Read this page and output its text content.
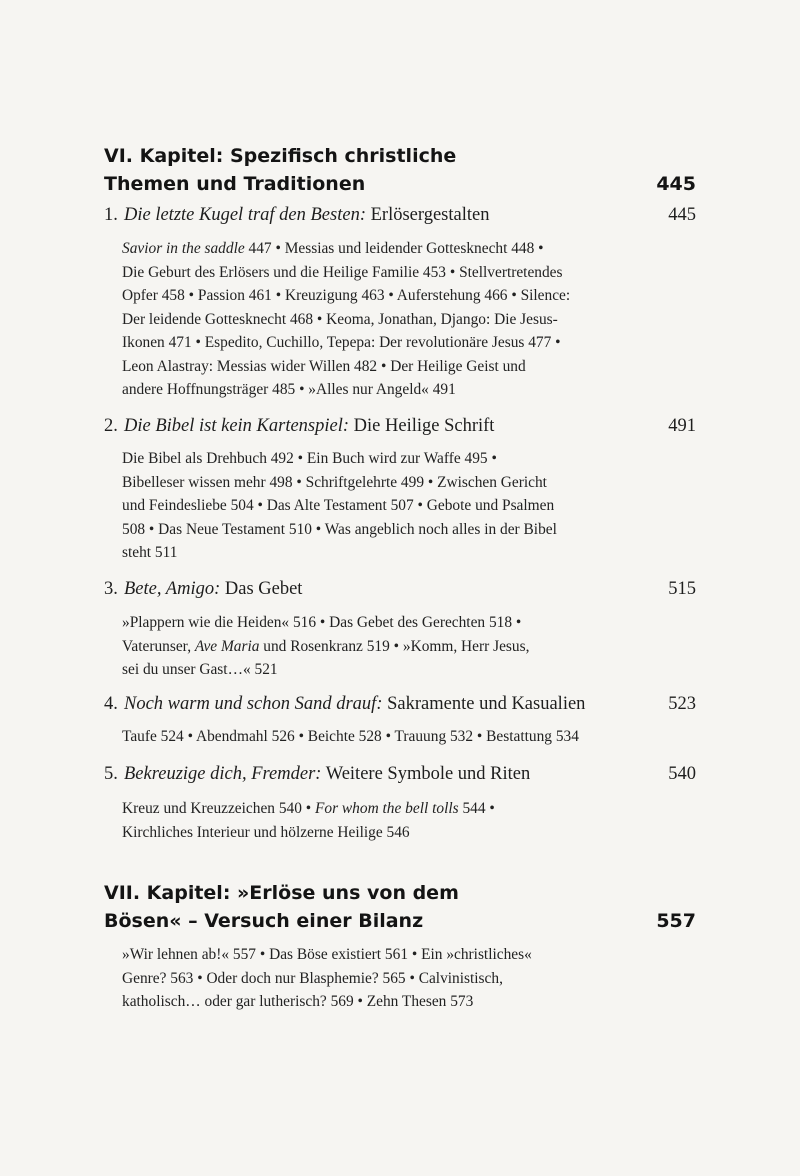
VI. Kapitel: Spezifisch christliche Themen und Traditionen	445
1. Die letzte Kugel traf den Besten: Erlösergestalten	445
Savior in the saddle 447 • Messias und leidender Gottesknecht 448 •
Die Geburt des Erlösers und die Heilige Familie 453 • Stellvertretendes
Opfer 458 • Passion 461 • Kreuzigung 463 • Auferstehung 466 • Silence:
Der leidende Gottesknecht 468 • Keoma, Jonathan, Django: Die Jesus-
Ikonen 471 • Espedito, Cuchillo, Tepepa: Der revolutionäre Jesus 477 •
Leon Alastray: Messias wider Willen 482 • Der Heilige Geist und
andere Hoffnungsträger 485 • »Alles nur Angeld« 491
2. Die Bibel ist kein Kartenspiel: Die Heilige Schrift	491
Die Bibel als Drehbuch 492 • Ein Buch wird zur Waffe 495 •
Bibelleser wissen mehr 498 • Schriftgelehrte 499 • Zwischen Gericht
und Feindesliebe 504 • Das Alte Testament 507 • Gebote und Psalmen
508 • Das Neue Testament 510 • Was angeblich noch alles in der Bibel
steht 511
3. Bete, Amigo: Das Gebet	515
»Plappern wie die Heiden« 516 • Das Gebet des Gerechten 518 •
Vaterunser, Ave Maria und Rosenkranz 519 • »Komm, Herr Jesus,
sei du unser Gast…« 521
4. Noch warm und schon Sand drauf: Sakramente und Kasualien	523
Taufe 524 • Abendmahl 526 • Beichte 528 • Trauung 532 • Bestattung 534
5. Bekreuzige dich, Fremder: Weitere Symbole und Riten	540
Kreuz und Kreuzzeichen 540 • For whom the bell tolls 544 •
Kirchliches Interieur und hölzerne Heilige 546
VII. Kapitel: »Erlöse uns von dem Bösen« – Versuch einer Bilanz	557
»Wir lehnen ab!« 557 • Das Böse existiert 561 • Ein »christliches«
Genre? 563 • Oder doch nur Blasphemie? 565 • Calvinistisch,
katholisch… oder gar lutherisch? 569 • Zehn Thesen 573
